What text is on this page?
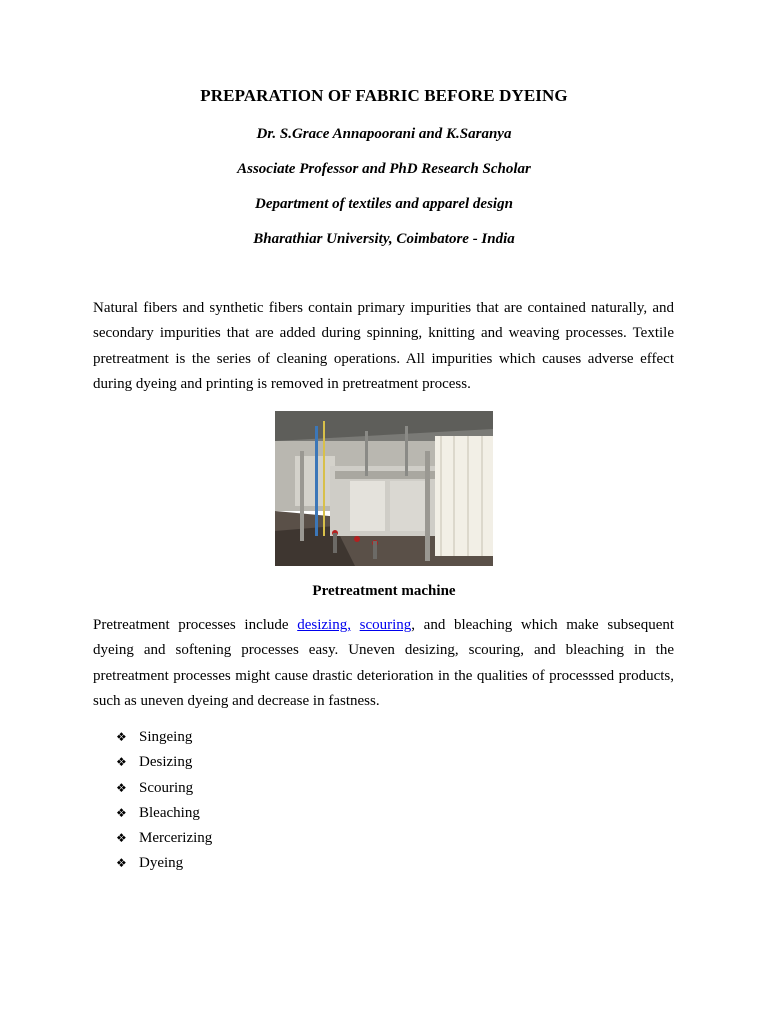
PREPARATION OF FABRIC BEFORE DYEING
Dr. S.Grace Annapoorani and K.Saranya
Associate Professor and PhD Research Scholar
Department of textiles and apparel design
Bharathiar University, Coimbatore - India

Natural fibers and synthetic fibers contain primary impurities that are contained naturally, and secondary impurities that are added during spinning, knitting and weaving processes. Textile pretreatment is the series of cleaning operations. All impurities which causes adverse effect during dyeing and printing is removed in pretreatment process.

Pretreatment machine

Pretreatment processes include desizing, scouring, and bleaching which make subsequent dyeing and softening processes easy. Uneven desizing, scouring, and bleaching in the pretreatment processes might cause drastic deterioration in the qualities of processsed products, such as uneven dyeing and decrease in fastness.

❖ Singeing
❖ Desizing
❖ Scouring
❖ Bleaching
❖ Mercerizing
❖ Dyeing
